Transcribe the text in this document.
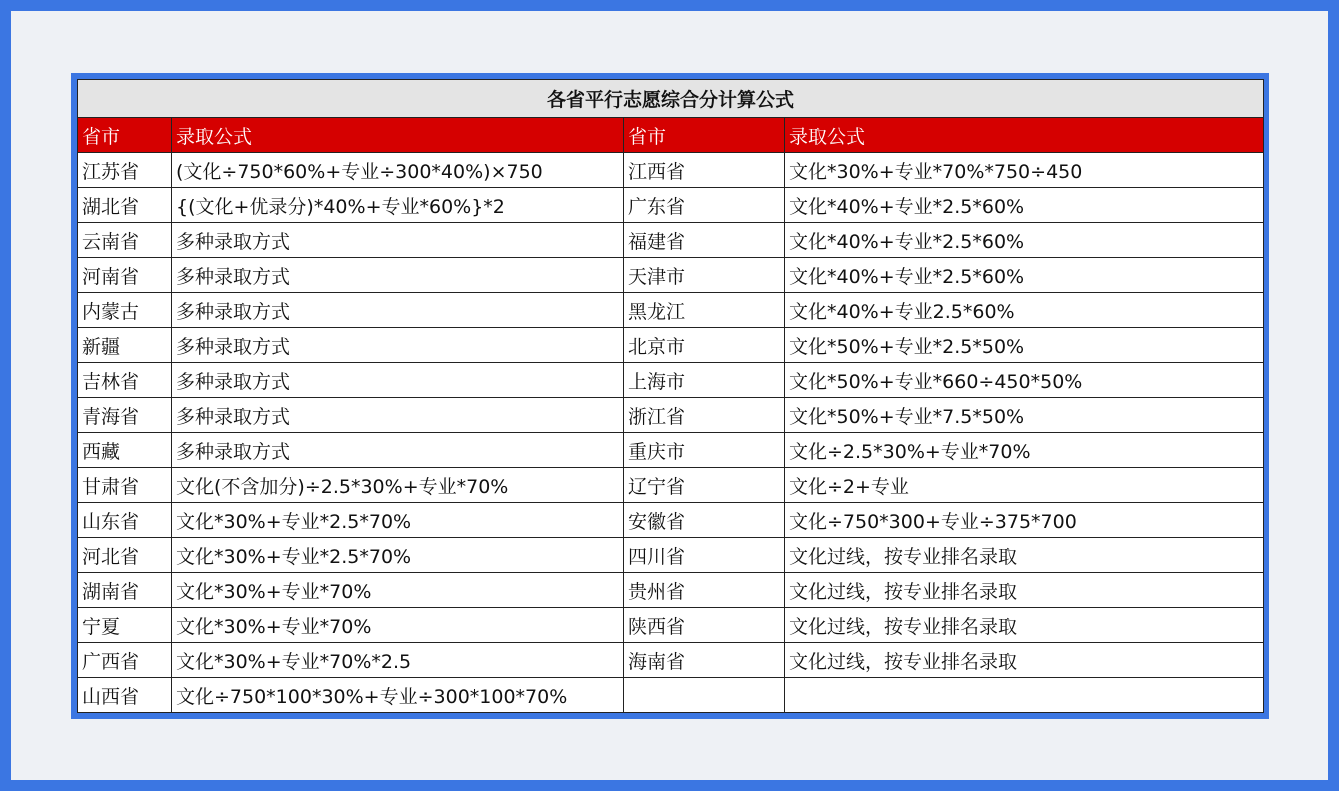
各省平行志愿综合分计算公式			
省市	录取公式	省市	录取公式
江苏省	(文化÷750*60%+专业÷300*40%)×750	江西省	文化*30%+专业*70%*750÷450
湖北省	{(文化+优录分)*40%+专业*60%}*2	广东省	文化*40%+专业*2.5*60%
云南省	多种录取方式	福建省	文化*40%+专业*2.5*60%
河南省	多种录取方式	天津市	文化*40%+专业*2.5*60%
内蒙古	多种录取方式	黑龙江	文化*40%+专业2.5*60%
新疆	多种录取方式	北京市	文化*50%+专业*2.5*50%
吉林省	多种录取方式	上海市	文化*50%+专业*660÷450*50%
青海省	多种录取方式	浙江省	文化*50%+专业*7.5*50%
西藏	多种录取方式	重庆市	文化÷2.5*30%+专业*70%
甘肃省	文化(不含加分)÷2.5*30%+专业*70%	辽宁省	文化÷2+专业
山东省	文化*30%+专业*2.5*70%	安徽省	文化÷750*300+专业÷375*700
河北省	文化*30%+专业*2.5*70%	四川省	文化过线，按专业排名录取
湖南省	文化*30%+专业*70%	贵州省	文化过线，按专业排名录取
宁夏	文化*30%+专业*70%	陕西省	文化过线，按专业排名录取
广西省	文化*30%+专业*70%*2.5	海南省	文化过线，按专业排名录取
山西省	文化÷750*100*30%+专业÷300*100*70%		
